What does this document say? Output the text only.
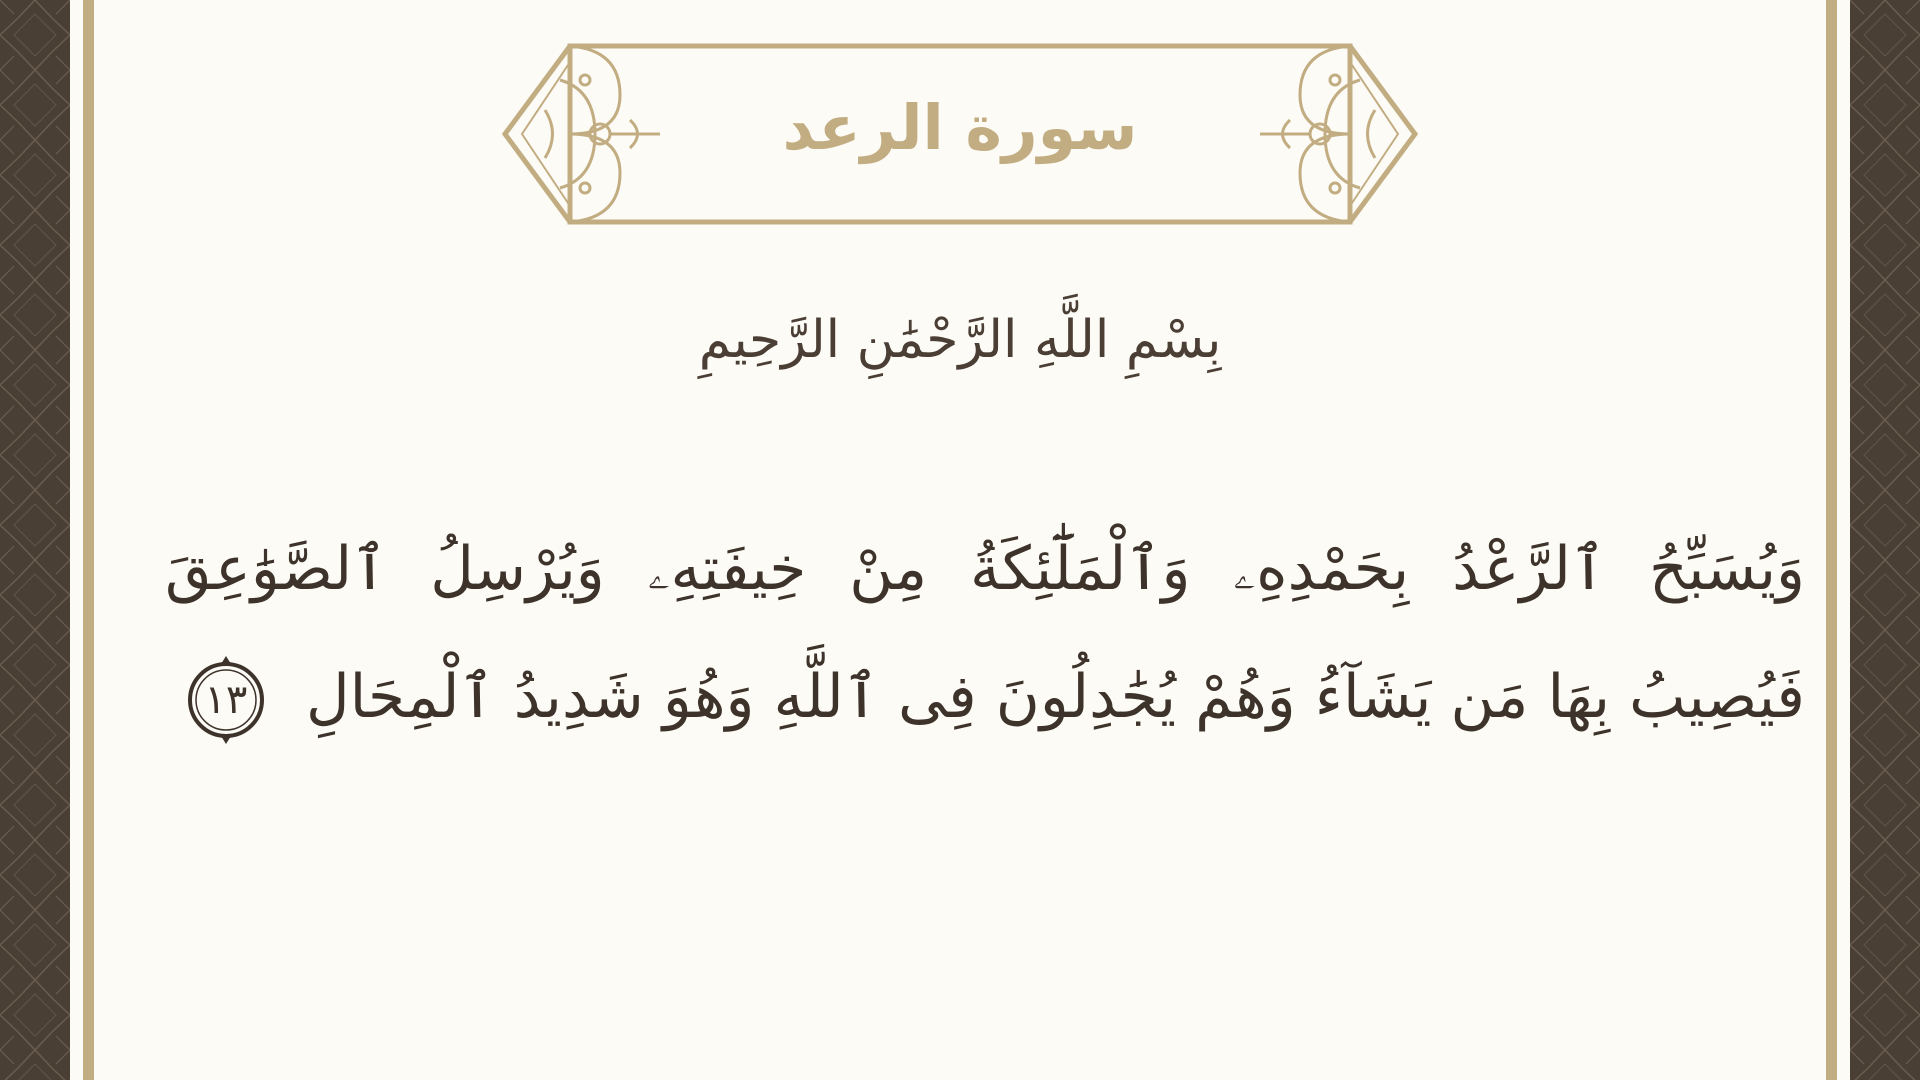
سورة الرعد
بِسْمِ اللَّهِ الرَّحْمَٰنِ الرَّحِيمِ
وَيُسَبِّحُ ٱلرَّعْدُ بِحَمْدِهِۦ وَٱلْمَلَٰٓئِكَةُ مِنْ خِيفَتِهِۦ وَيُرْسِلُ ٱلصَّوَٰعِقَ فَيُصِيبُ بِهَا مَن يَشَآءُ وَهُمْ يُجَٰدِلُونَ فِى ٱللَّهِ وَهُوَ شَدِيدُ ٱلْمِحَالِ
١٣
